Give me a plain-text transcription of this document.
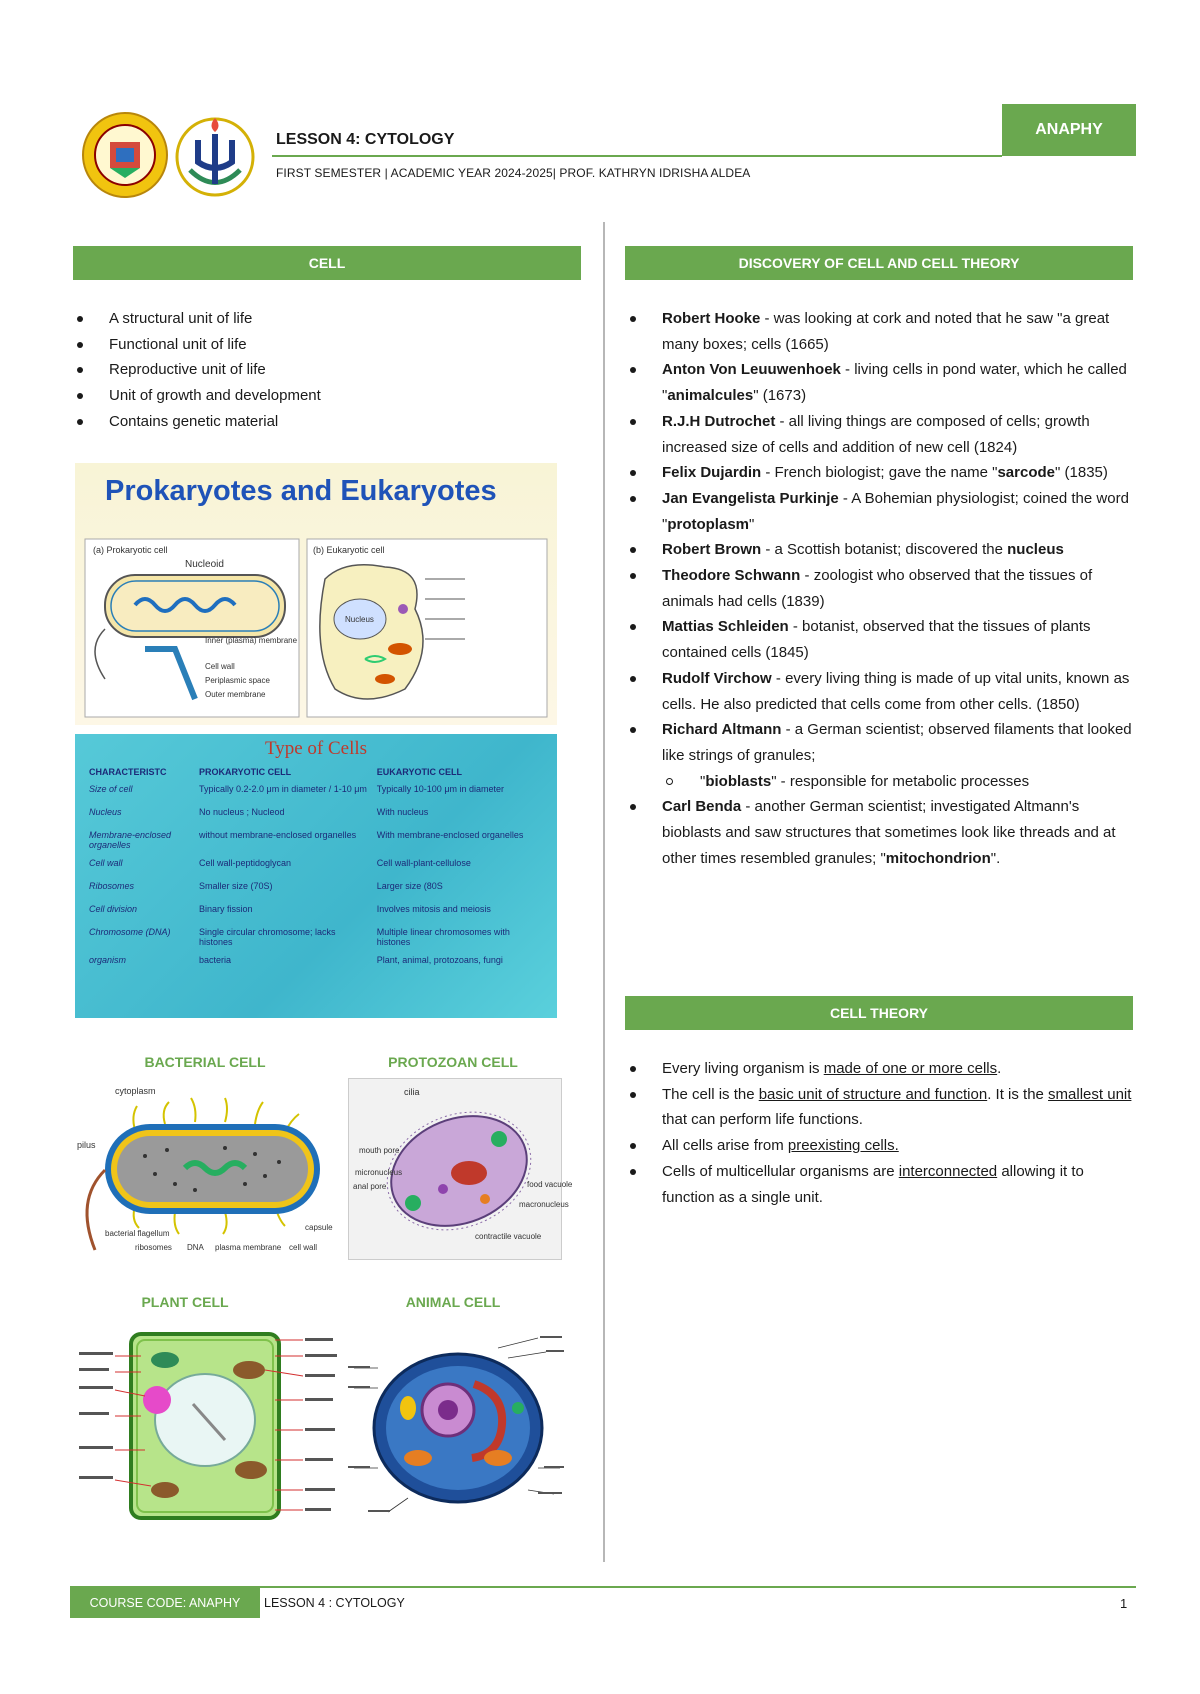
LESSON 4: CYTOLOGY
FIRST SEMESTER | ACADEMIC YEAR 2024-2025| PROF. KATHRYN IDRISHA ALDEA
ANAPHY
CELL
A structural unit of life
Functional unit of life
Reproductive unit of life
Unit of growth and development
Contains genetic material
Prokaryotes and Eukaryotes
(a) Prokaryotic cell	(b) Eukaryotic cell
Nucleoid
Inner (plasma) membrane
Cell wall
Periplasmic space
Outer membrane
Nucleus
Type of Cells
CHARACTERISTC	PROKARYOTIC CELL	EUKARYOTIC CELL
Size of cell	Typically 0.2-2.0 μm in diameter / 1-10 μm	Typically 10-100 μm in diameter
Nucleus	No nucleus ; Nucleod	With nucleus
Membrane-enclosed organelles	without membrane-enclosed organelles	With membrane-enclosed organelles
Cell wall	Cell wall-peptidoglycan	Cell wall-plant-cellulose
Ribosomes	Smaller size (70S)	Larger size (80S
Cell division	Binary fission	Involves mitosis and meiosis
Chromosome (DNA)	Single circular chromosome; lacks histones	Multiple linear chromosomes with histones
organism	bacteria	Plant, animal, protozoans, fungi
BACTERIAL CELL	PROTOZOAN CELL
PLANT CELL	ANIMAL CELL
cytoplasm
pilus
bacterial flagellum
ribosomes DNA plasma membrane cell wall
capsule
cilia
mouth pore
micronucleus
anal pore	food vacuole
macronucleus
contractile vacuole
DISCOVERY OF CELL AND CELL THEORY
Robert Hooke - was looking at cork and noted that he saw "a great many boxes; cells (1665)
Anton Von Leuuwenhoek - living cells in pond water, which he called "animalcules" (1673)
R.J.H Dutrochet - all living things are composed of cells; growth increased size of cells and addition of new cell (1824)
Felix Dujardin - French biologist; gave the name "sarcode" (1835)
Jan Evangelista Purkinje - A Bohemian physiologist; coined the word "protoplasm"
Robert Brown - a Scottish botanist; discovered the nucleus
Theodore Schwann - zoologist who observed that the tissues of animals had cells (1839)
Mattias Schleiden - botanist, observed that the tissues of plants contained cells (1845)
Rudolf Virchow - every living thing is made of up vital units, known as cells. He also predicted that cells come from other cells. (1850)
Richard Altmann - a German scientist; observed filaments that looked like strings of granules;
"bioblasts" - responsible for metabolic processes
Carl Benda - another German scientist; investigated Altmann's bioblasts and saw structures that sometimes look like threads and at other times resembled granules; "mitochondrion".
CELL THEORY
Every living organism is made of one or more cells.
The cell is the basic unit of structure and function. It is the smallest unit that can perform life functions.
All cells arise from preexisting cells.
Cells of multicellular organisms are interconnected allowing it to function as a single unit.
COURSE CODE: ANAPHY	LESSON 4 : CYTOLOGY	1
